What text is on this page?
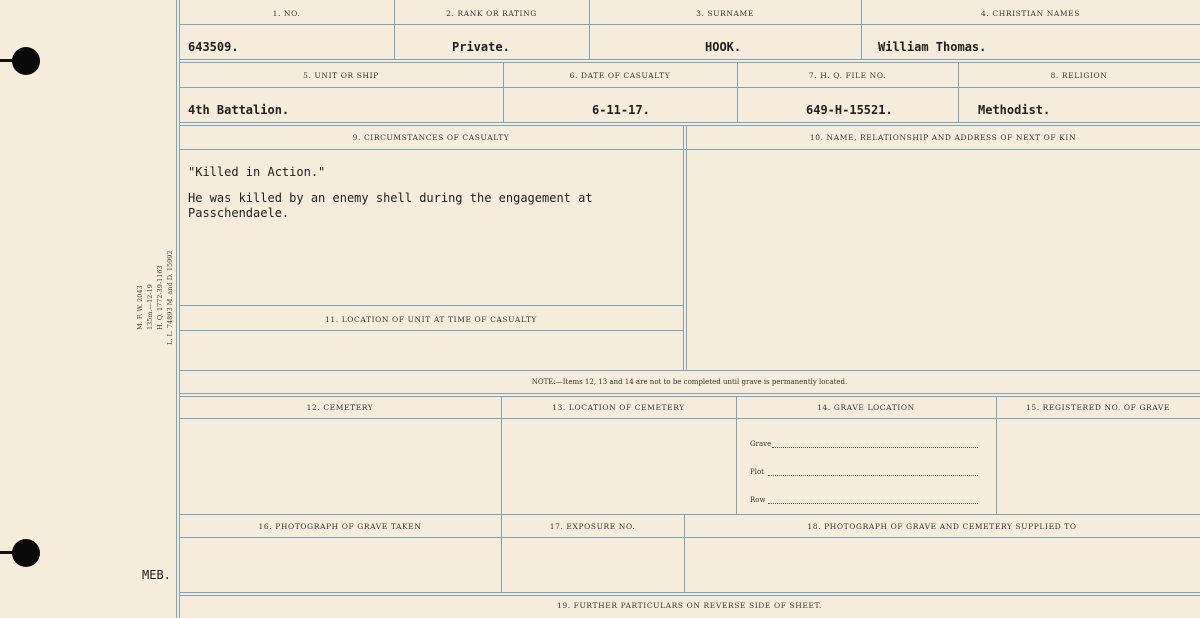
M. F. W. 2043 135m.—12-19 H. Q. 1772-39-1163 L. L. 74893 M. and D. 15992
MEB.
1. NO.	2. RANK OR RATING	3. SURNAME	4. CHRISTIAN NAMES
643509.	Private.	HOOK.	William Thomas.
5. UNIT OR SHIP	6. DATE OF CASUALTY	7. H. Q. FILE NO.	8. RELIGION
4th Battalion.	6-11-17.	649-H-15521.	Methodist.
9. CIRCUMSTANCES OF CASUALTY	10. NAME, RELATIONSHIP AND ADDRESS OF NEXT OF KIN
"Killed in Action."
He was killed by an enemy shell during the engagement at
Passchendaele.
11. LOCATION OF UNIT AT TIME OF CASUALTY
NOTE:—Items 12, 13 and 14 are not to be completed until grave is permanently located.
12. CEMETERY	13. LOCATION OF CEMETERY	14. GRAVE LOCATION	15. REGISTERED NO. OF GRAVE
Grave
Plot
Row
16. PHOTOGRAPH OF GRAVE TAKEN	17. EXPOSURE NO.	18. PHOTOGRAPH OF GRAVE AND CEMETERY SUPPLIED TO
19. FURTHER PARTICULARS ON REVERSE SIDE OF SHEET.
